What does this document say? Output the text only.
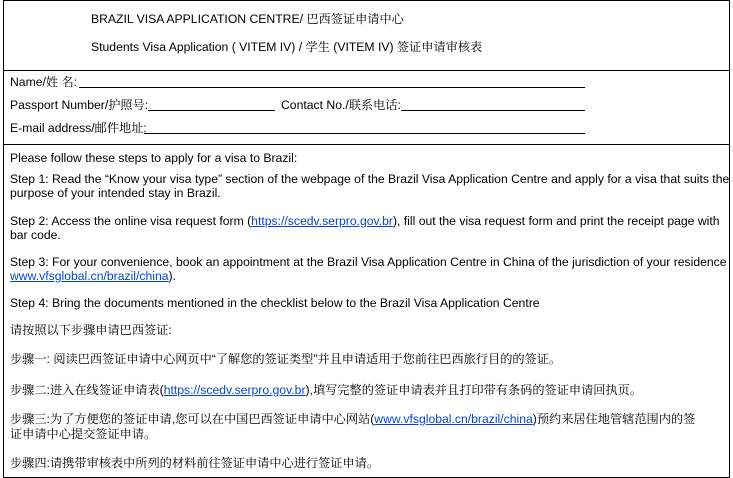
BRAZIL VISA APPLICATION CENTRE/ 巴西签证申请中心
Students Visa Application ( VITEM IV) / 学生 (VITEM IV) 签证申请审核表
Name/姓 名:
Passport Number/护照号:	Contact No./联系电话:
E-mail address/邮件地址:
Please follow these steps to apply for a visa to Brazil:
Step 1: Read the “Know your visa type” section of the webpage of the Brazil Visa Application Centre and apply for a visa that suits the
purpose of your intended stay in Brazil.
Step 2: Access the online visa request form (https://scedv.serpro.gov.br), fill out the visa request form and print the receipt page with
bar code.
Step 3: For your convenience, book an appointment at the Brazil Visa Application Centre in China of the jurisdiction of your residence
www.vfsglobal.cn/brazil/china).
Step 4: Bring the documents mentioned in the checklist below to the Brazil Visa Application Centre
请按照以下步骤申请巴西签证:
步骤一: 阅读巴西签证申请中心网页中“了解您的签证类型”并且申请适用于您前往巴西旅行目的的签证。
步骤二:进入在线签证申请表(https://scedv.serpro.gov.br),填写完整的签证申请表并且打印带有条码的签证申请回执页。
步骤三:为了方便您的签证申请,您可以在中国巴西签证申请中心网站(www.vfsglobal.cn/brazil/china)预约来居住地管辖范围内的签
证申请中心提交签证申请。
步骤四:请携带审核表中所列的材料前往签证申请中心进行签证申请。
